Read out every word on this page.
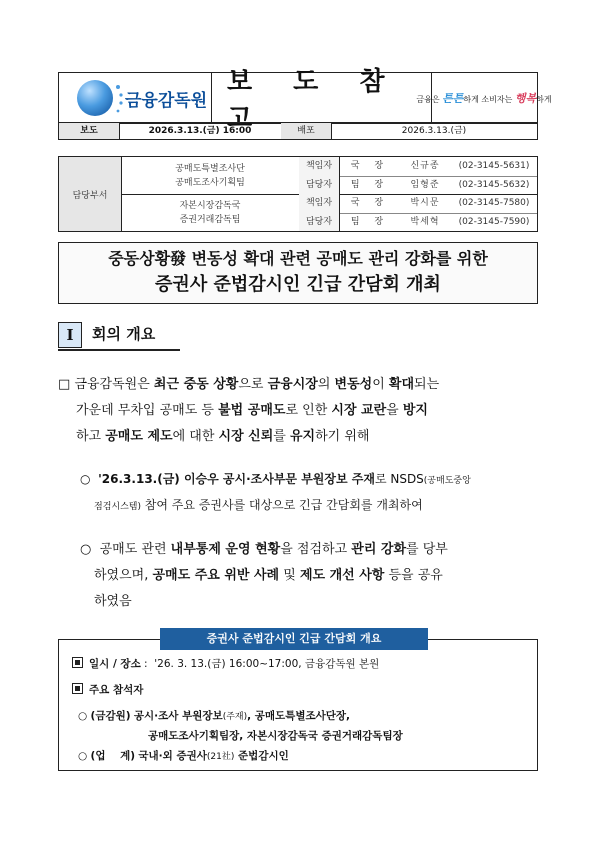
금융감독원
보 도 참 고
금융은 튼튼하게 소비자는 행복하게
보도	2026.3.13.(금) 16:00	배포	2026.3.13.(금)
담당부서
공매도특별조사단
공매도조사기획팀
자본시장감독국
증권거래감독팀
책임자	국 장	신규종	(02-3145-5631)
담당자	팀 장	임형준	(02-3145-5632)
책임자	국 장	박시문	(02-3145-7580)
담당자	팀 장	박세혁	(02-3145-7590)
중동상황發 변동성 확대 관련 공매도 관리 강화를 위한
증권사 준법감시인 긴급 간담회 개최
Ⅰ	회의 개요
□ 금융감독원은 최근 중동 상황으로 금융시장의 변동성이 확대되는
가운데 무차입 공매도 등 불법 공매도로 인한 시장 교란을 방지
하고 공매도 제도에 대한 시장 신뢰를 유지하기 위해
○ '26.3.13.(금) 이승우 공시·조사부문 부원장보 주재로 NSDS(공매도중앙
점검시스템) 참여 주요 증권사를 대상으로 긴급 간담회를 개최하여
○ 공매도 관련 내부통제 운영 현황을 점검하고 관리 강화를 당부
하였으며, 공매도 주요 위반 사례 및 제도 개선 사항 등을 공유
하였음
증권사 준법감시인 긴급 간담회 개요
일시 / 장소 :  '26. 3. 13.(금) 16:00~17:00, 금융감독원 본원
주요 참석자
○ (금감원) 공시·조사 부원장보(주재), 공매도특별조사단장,
공매도조사기획팀장, 자본시장감독국 증권거래감독팀장
○ (업    계) 국내·외 증권사(21社) 준법감시인
